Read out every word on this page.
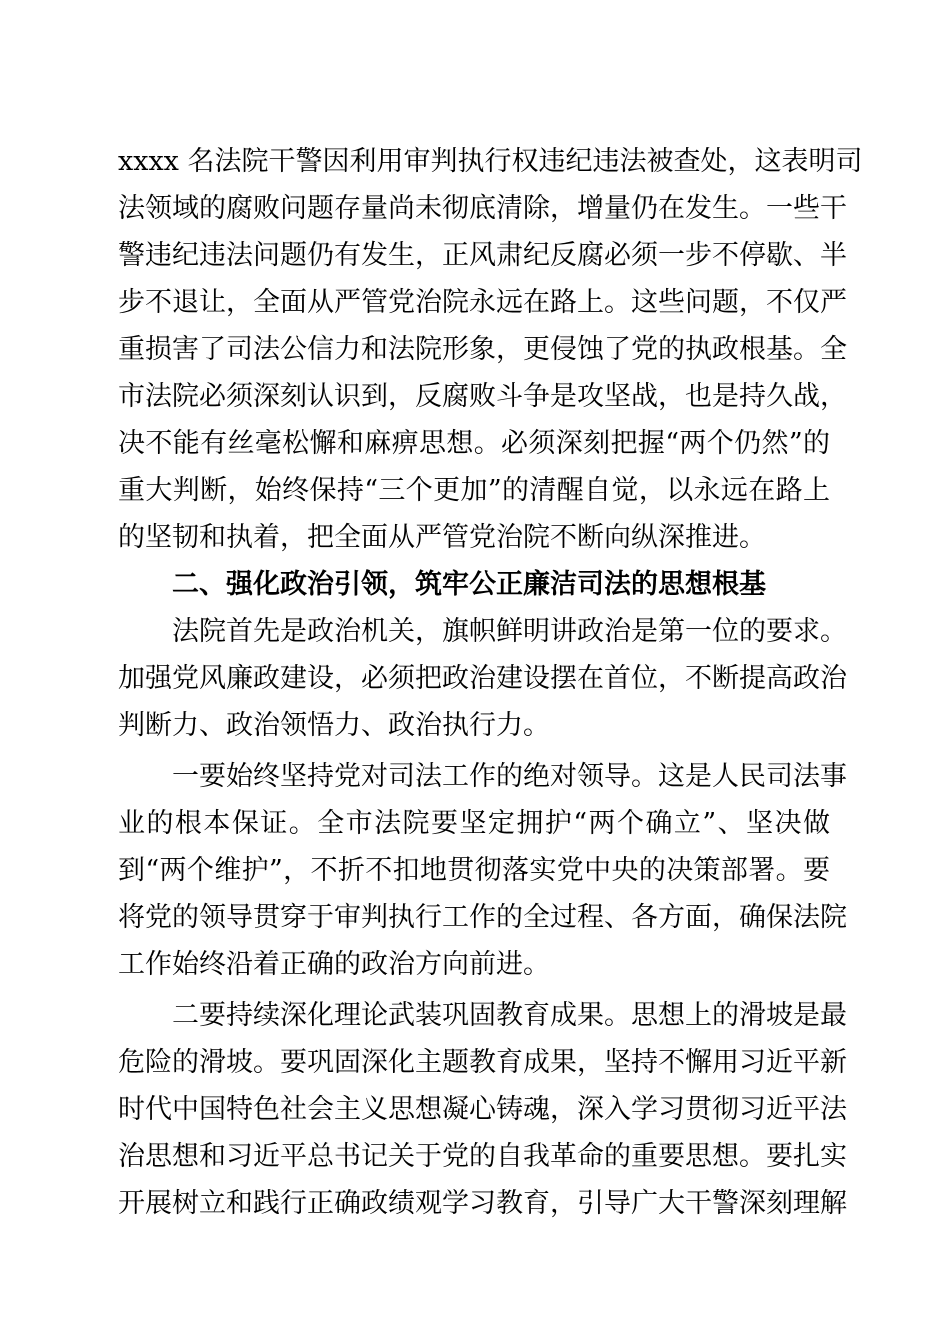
xxxx 名法院干警因利用审判执行权违纪违法被查处，这表明司
法领域的腐败问题存量尚未彻底清除，增量仍在发生。一些干
警违纪违法问题仍有发生，正风肃纪反腐必须一步不停歇、半
步不退让，全面从严管党治院永远在路上。这些问题，不仅严
重损害了司法公信力和法院形象，更侵蚀了党的执政根基。全
市法院必须深刻认识到，反腐败斗争是攻坚战，也是持久战，
决不能有丝毫松懈和麻痹思想。必须深刻把握“两个仍然”的
重大判断，始终保持“三个更加”的清醒自觉，以永远在路上
的坚韧和执着，把全面从严管党治院不断向纵深推进。
二、强化政治引领，筑牢公正廉洁司法的思想根基
法院首先是政治机关，旗帜鲜明讲政治是第一位的要求。
加强党风廉政建设，必须把政治建设摆在首位，不断提高政治
判断力、政治领悟力、政治执行力。
一要始终坚持党对司法工作的绝对领导。这是人民司法事
业的根本保证。全市法院要坚定拥护“两个确立”、坚决做
到“两个维护”，不折不扣地贯彻落实党中央的决策部署。要
将党的领导贯穿于审判执行工作的全过程、各方面，确保法院
工作始终沿着正确的政治方向前进。
二要持续深化理论武装巩固教育成果。思想上的滑坡是最
危险的滑坡。要巩固深化主题教育成果，坚持不懈用习近平新
时代中国特色社会主义思想凝心铸魂，深入学习贯彻习近平法
治思想和习近平总书记关于党的自我革命的重要思想。要扎实
开展树立和践行正确政绩观学习教育，引导广大干警深刻理解
